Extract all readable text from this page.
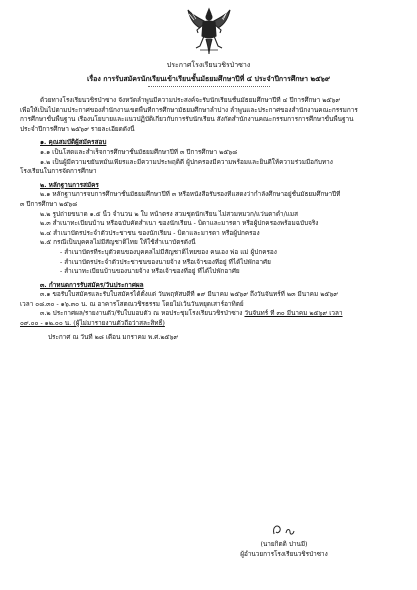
ประกาศโรงเรียนวชิรป่าซาง
เรื่อง การรับสมัครนักเรียนเข้าเรียนชั้นมัธยมศึกษาปีที่ ๔ ประจำปีการศึกษา ๒๕๖๙

ด้วยทางโรงเรียนวชิรป่าซาง จังหวัดลำพูนมีความประสงค์จะรับนักเรียนชั้นมัธยมศึกษาปีที่ ๔ ปีการศึกษา ๒๕๖๙

เพื่อให้เป็นไปตามประกาศของสำนักงานเขตพื้นที่การศึกษามัธยมศึกษาลำปาง ลำพูนและประกาศของสำนักงานคณะกรรมการ

การศึกษาขั้นพื้นฐาน เรื่องนโยบายและแนวปฏิบัติเกี่ยวกับการรับนักเรียน สังกัดสำนักงานคณะกรรมการการศึกษาขั้นพื้นฐาน

ประจำปีการศึกษา ๒๕๖๙ รายละเอียดดังนี้

๑. คุณสมบัติผู้สมัครสอบ

๑.๑ เป็นโสดและสำเร็จการศึกษาชั้นมัธยมศึกษาปีที่ ๓ ปีการศึกษา ๒๕๖๘

๑.๒ เป็นผู้มีความขยันหมั่นเพียรและมีความประพฤติดี ผู้ปกครองมีความพร้อมและยินดีให้ความร่วมมือกับทาง

โรงเรียนในการจัดการศึกษา

๒. หลักฐานการสมัคร

๒.๑ หลักฐานการจบการศึกษาชั้นมัธยมศึกษาปีที่ ๓ หรือหนังสือรับรองที่แสดงว่ากำลังศึกษาอยู่ชั้นมัธยมศึกษาปีที่

๓ ปีการศึกษา ๒๕๖๘

๒.๒ รูปถ่ายขนาด ๑.๕ นิ้ว จำนวน ๒ ใบ หน้าตรง สวมชุดนักเรียน ไม่สวมหมวก/แว่นตาดำ/แมส

๒.๓ สำเนาทะเบียนบ้าน หรือฉบับคัดสำเนา ของนักเรียน - บิดาและมารดา หรือผู้ปกครองพร้อมฉบับจริง

๒.๔ สำเนาบัตรประจำตัวประชาชน ของนักเรียน - บิดาและมารดา หรือผู้ปกครอง

๒.๕ กรณีเป็นบุคคลไม่มีสัญชาติไทย ให้ใช้สำเนาบัตรดังนี้

- สำเนาบัตรที่ระบุตัวตนของบุคคลไม่มีสัญชาติไทยของ คนเอง พ่อ แม่ ผู้ปกครอง

- สำเนาบัตรประจำตัวประชาชนของนายจ้าง หรือเจ้าของที่อยู่ ที่ได้ไปพักอาศัย

- สำเนาทะเบียนบ้านของนายจ้าง หรือเจ้าของที่อยู่ ที่ได้ไปพักอาศัย

๓. กำหนดการรับสมัคร/วันประกาศผล

๓.๑ ขอรับใบสมัครและรับใบสมัครได้ตั้งแต่ วันพฤหัสบดีที่ ๑๙ มีนาคม ๒๕๖๙ ถึงวันจันทร์ที่ ๒๓ มีนาคม ๒๕๖๙

เวลา ๐๘.๓๐ - ๑๖.๓๐ น. ณ อาคารโสตณวชิรธรรม โดยไม่เว้นวันหยุดเสาร์อาทิตย์

๓.๒ ประกาศผล/รายงานตัว/รับใบมอบตัว ณ หอประชุมโรงเรียนวชิรป่าซาง วันจันทร์ ที่ ๓๐ มีนาคม ๒๕๖๙ เวลา

๐๙.๐๐ - ๑๒.๐๐ น. (ผู้ไม่มารายงานตัวถือว่าสละสิทธิ์)

ประกาศ ณ วันที่ ๒๘ เดือน มกราคม พ.ศ.๒๕๖๙

(นายกิตติ ปานมี)
ผู้อำนวยการโรงเรียนวชิรป่าซาง
